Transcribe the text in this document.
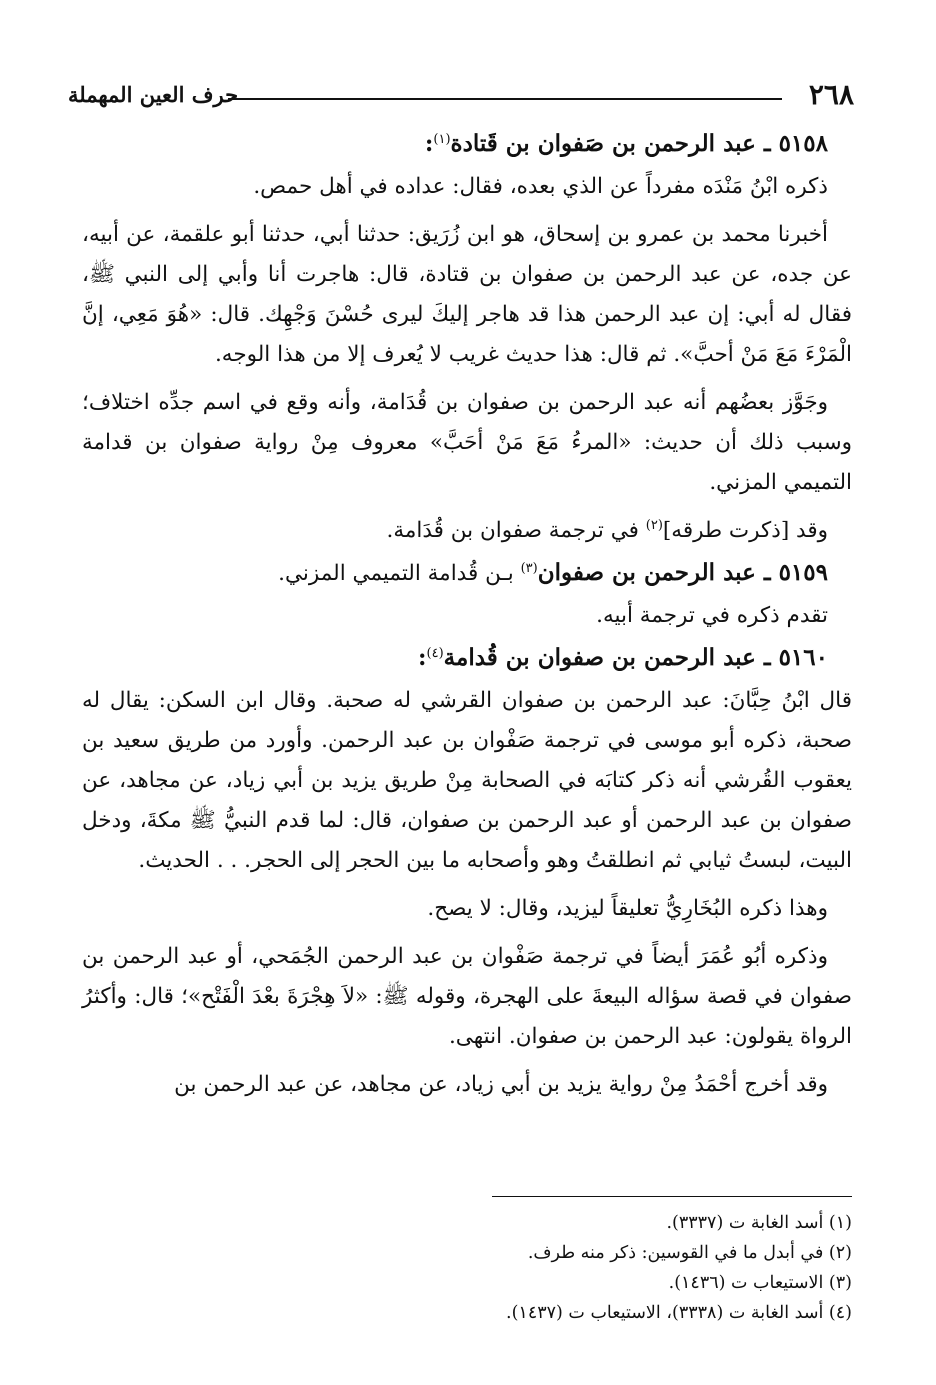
٢٦٨
حرف العين المهملة

٥١٥٨ ـ عبد الرحمن بن صَفوان بن قَتادة$^{(١)}$:

ذكره ابْنُ مَنْدَه مفرداً عن الذي بعده، فقال: عداده في أهل حمص.

أخبرنا محمد بن عمرو بن إسحاق، هو ابن زُرَيق: حدثنا أبي، حدثنا أبو علقمة، عن أبيه، عن جده، عن عبد الرحمن بن صفوان بن قتادة، قال: هاجرت أنا وأبي إلى النبي ﷺ، فقال له أبي: إن عبد الرحمن هذا قد هاجر إليكَ ليرى حُسْنَ وَجْهِك. قال: «هُوَ مَعِي، إنَّ الْمَرْءَ مَعَ مَنْ أحبَّ». ثم قال: هذا حديث غريب لا يُعرف إلا من هذا الوجه.

وجَوَّز بعضُهم أنه عبد الرحمن بن صفوان بن قُدَامة، وأنه وقع في اسم جدِّه اختلاف؛ وسبب ذلك أن حديث: «المرءُ مَعَ مَنْ أحَبَّ» معروف مِنْ رواية صفوان بن قدامة التميمي المزني.

وقد [ذكرت طرقه]$^{(٢)}$ في ترجمة صفوان بن قُدَامة.

٥١٥٩ ـ عبد الرحمن بن صفوان$^{(٣)}$ بـن قُدامة التميمي المزني.

تقدم ذكره في ترجمة أبيه.

٥١٦٠ ـ عبد الرحمن بن صفوان بن قُدامة$^{(٤)}$:

قال ابْنُ حِبَّانَ: عبد الرحمن بن صفوان القرشي له صحبة. وقال ابن السكن: يقال له صحبة، ذكره أبو موسى في ترجمة صَفْوان بن عبد الرحمن. وأورد من طريق سعيد بن يعقوب القُرشي أنه ذكر كتابَه في الصحابة مِنْ طريق يزيد بن أبي زياد، عن مجاهد، عن صفوان بن عبد الرحمن أو عبد الرحمن بن صفوان، قال: لما قدم النبيُّ ﷺ مكةَ، ودخل البيت، لبستُ ثيابي ثم انطلقتُ وهو وأصحابه ما بين الحجر إلى الحجر. . . الحديث.

وهذا ذكره البُخَارِيُّ تعليقاً ليزيد، وقال: لا يصح.

وذكره أبُو عُمَرَ أيضاً في ترجمة صَفْوان بن عبد الرحمن الجُمَحي، أو عبد الرحمن بن صفوان في قصة سؤاله البيعةَ على الهجرة، وقوله ﷺ: «لاَ هِجْرَةَ بعْدَ الْفَتْح»؛ قال: وأكثرُ الرواة يقولون: عبد الرحمن بن صفوان. انتهى.

وقد أخرج أحْمَدُ مِنْ رواية يزيد بن أبي زياد، عن مجاهد، عن عبد الرحمن بن

(١) أسد الغابة ت (٣٣٣٧).
(٢) في أبدل ما في القوسين: ذكر منه طرف.
(٣) الاستيعاب ت (١٤٣٦).
(٤) أسد الغابة ت (٣٣٣٨)، الاستيعاب ت (١٤٣٧).
